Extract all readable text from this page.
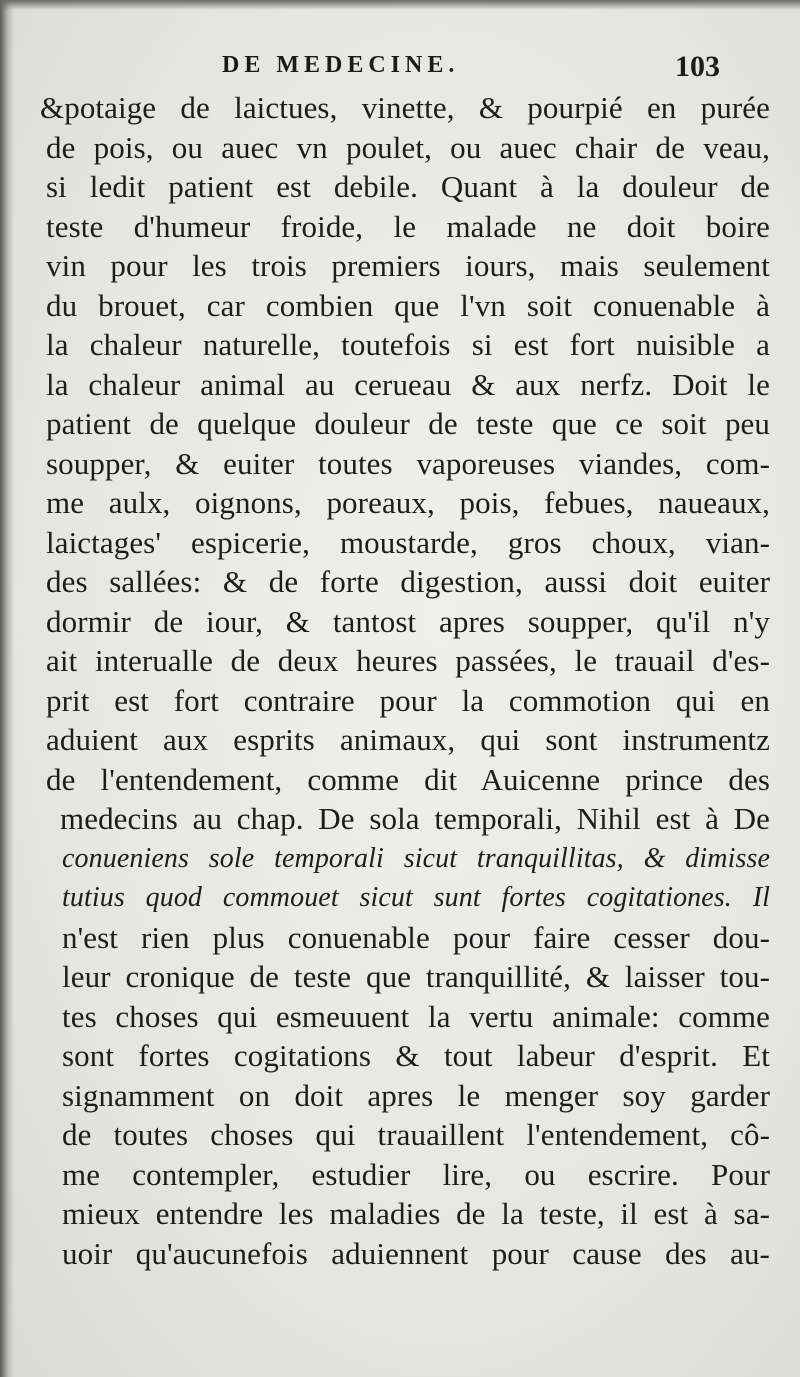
DE MEDECINE.	103
&potaige de laictues, vinette, & pourpié en purée
de pois, ou auec vn poulet, ou auec chair de veau,
si ledit patient est debile. Quant à la douleur de
teste d'humeur froide, le malade ne doit boire
vin pour les trois premiers iours, mais seulement
du brouet, car combien que l'vn soit conuenable à
la chaleur naturelle, toutefois si est fort nuisible a
la chaleur animal au cerueau & aux nerfz. Doit le
patient de quelque douleur de teste que ce soit peu
soupper, & euiter toutes vaporeuses viandes, com-
me aulx, oignons, poreaux, pois, febues, naueaux,
laictages' espicerie, moustarde, gros choux, vian-
des sallées: & de forte digestion, aussi doit euiter
dormir de iour, & tantost apres soupper, qu'il n'y
ait interualle de deux heures passées, le trauail d'es-
prit est fort contraire pour la commotion qui en
aduient aux esprits animaux, qui sont instrumentz
de l'entendement, comme dit Auicenne prince des
medecins au chap. De sola temporali, Nihil est à De
conueniens sole temporali sicut tranquillitas, & dimisse
tutius quod commouet sicut sunt fortes cogitationes. Il
n'est rien plus conuenable pour faire cesser dou-
leur cronique de teste que tranquillité, & laisser tou-
tes choses qui esmeuuent la vertu animale: comme
sont fortes cogitations & tout labeur d'esprit. Et
signamment on doit apres le menger soy garder
de toutes choses qui trauaillent l'entendement, cô-
me contempler, estudier lire, ou escrire. Pour
mieux entendre les maladies de la teste, il est à sa-
uoir qu'aucunefois aduiennent pour cause des au-
